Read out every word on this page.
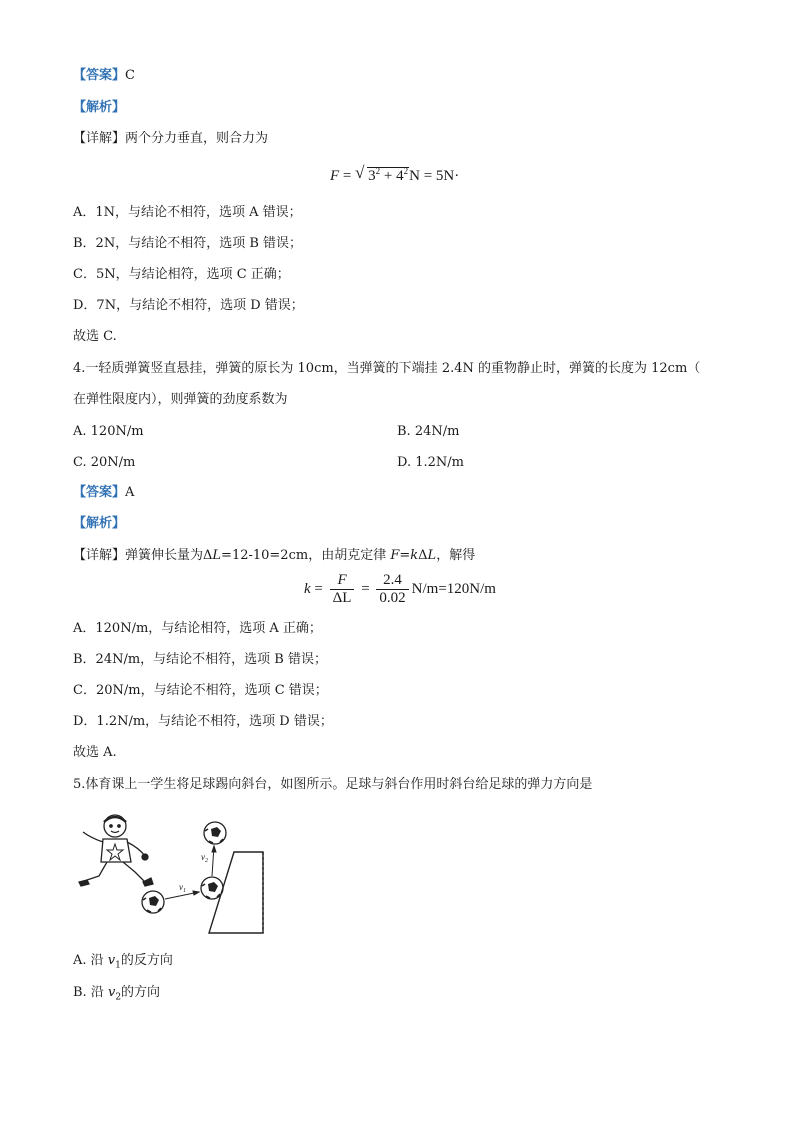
【答案】C
【解析】
【详解】两个分力垂直，则合力为
F = √ $3^2 + 4^2N = 5N\cdot$
A．1N，与结论不相符，选项 A 错误；
B．2N，与结论不相符，选项 B 错误；
C．5N，与结论相符，选项 C 正确；
D．7N，与结论不相符，选项 D 错误；
故选 C.
4.一轻质弹簧竖直悬挂，弹簧的原长为 10cm，当弹簧的下端挂 2.4N 的重物静止时，弹簧的长度为 12cm（
在弹性限度内），则弹簧的劲度系数为
A. 120N/m	B. 24N/m
C. 20N/m	D. 1.2N/m
【答案】A
【解析】
【详解】弹簧伸长量为ΔL=12-10=2cm，由胡克定律 F=kΔL，解得
$k = \frac{F}{\Delta L} = \frac{2.4}{0.02} N/m=120N/m$
A．120N/m，与结论相符，选项 A 正确；
B．24N/m，与结论不相符，选项 B 错误；
C．20N/m，与结论不相符，选项 C 错误；
D．1.2N/m，与结论不相符，选项 D 错误；
故选 A.
5.体育课上一学生将足球踢向斜台，如图所示。足球与斜台作用时斜台给足球的弹力方向是
$v_1$
$v_2$
A. 沿 $v_1$的反方向
B. 沿 $v_2$的方向
